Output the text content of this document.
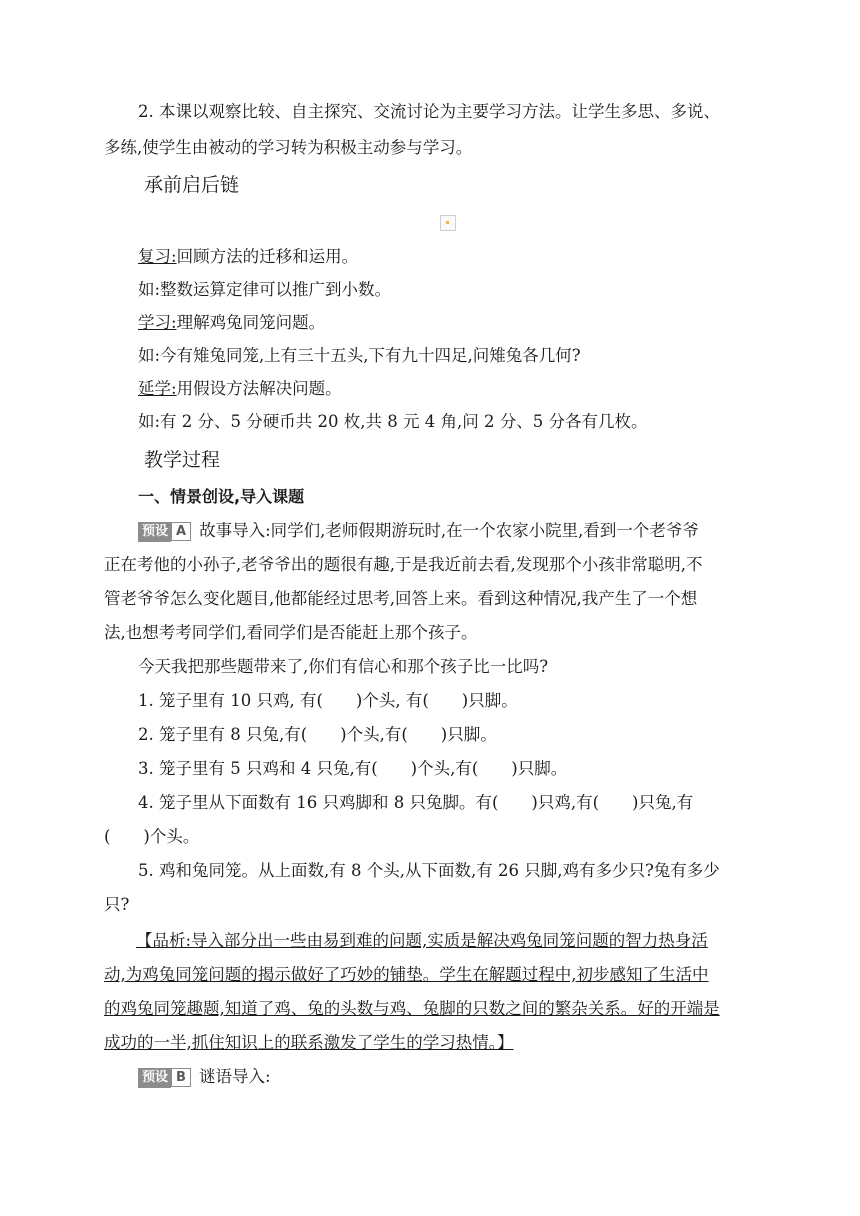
2. 本课以观察比较、自主探究、交流讨论为主要学习方法。让学生多思、多说、
多练,使学生由被动的学习转为积极主动参与学习。
承前启后链
复习:回顾方法的迁移和运用。
如:整数运算定律可以推广到小数。
学习:理解鸡兔同笼问题。
如:今有雉兔同笼,上有三十五头,下有九十四足,问雉兔各几何?
延学:用假设方法解决问题。
如:有 2 分、5 分硬币共 20 枚,共 8 元 4 角,问 2 分、5 分各有几枚。
教学过程
一、情景创设,导入课题
预设 A 故事导入:同学们,老师假期游玩时,在一个农家小院里,看到一个老爷爷
正在考他的小孙子,老爷爷出的题很有趣,于是我近前去看,发现那个小孩非常聪明,不
管老爷爷怎么变化题目,他都能经过思考,回答上来。看到这种情况,我产生了一个想
法,也想考考同学们,看同学们是否能赶上那个孩子。
今天我把那些题带来了,你们有信心和那个孩子比一比吗?
1. 笼子里有 10 只鸡, 有(　　)个头, 有(　　)只脚。
2. 笼子里有 8 只兔,有(　　)个头,有(　　)只脚。
3. 笼子里有 5 只鸡和 4 只兔,有(　　)个头,有(　　)只脚。
4. 笼子里从下面数有 16 只鸡脚和 8 只兔脚。有(　　)只鸡,有(　　)只兔,有
(　　)个头。
5. 鸡和兔同笼。从上面数,有 8 个头,从下面数,有 26 只脚,鸡有多少只?兔有多少
只?
【品析:导入部分出一些由易到难的问题,实质是解决鸡兔同笼问题的智力热身活
动,为鸡兔同笼问题的揭示做好了巧妙的铺垫。学生在解题过程中,初步感知了生活中
的鸡兔同笼趣题,知道了鸡、兔的头数与鸡、兔脚的只数之间的繁杂关系。好的开端是
成功的一半,抓住知识上的联系激发了学生的学习热情。】
预设 B 谜语导入:
